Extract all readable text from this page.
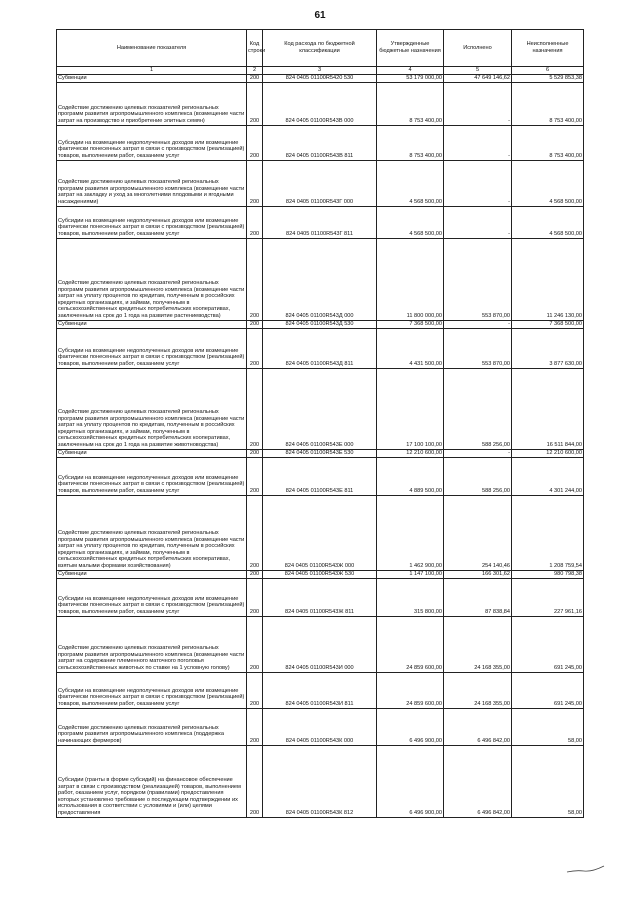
61
Наименование показателя	Код строки	Код расхода по бюджетной классификации	Утвержденные бюджетные назначения	Исполнено	Неисполненные назначения
1	2	3	4	5	6
Субвенции	200	824 0405 01100R5420 530	53 179 000,00	47 649 146,62	5 529 853,38
Содействие достижению целевых показателей региональных программ развития агропромышленного комплекса (возмещение части затрат на производство и приобретение элитных семян)	200	824 0405 01100R543В 000	8 753 400,00	-	8 753 400,00
Субсидии на возмещение недополученных доходов или возмещение фактически понесенных затрат в связи с производством (реализацией) товаров, выполнением работ, оказанием услуг	200	824 0405 01100R543В 811	8 753 400,00	-	8 753 400,00
Содействие достижению целевых показателей региональных программ развития агропромышленного комплекса (возмещение части затрат на закладку и уход за многолетними плодовыми и ягодными насаждениями)	200	824 0405 01100R543Г 000	4 568 500,00	-	4 568 500,00
Субсидии на возмещение недополученных доходов или возмещение фактически понесенных затрат в связи с производством (реализацией) товаров, выполнением работ, оказанием услуг	200	824 0405 01100R543Г 811	4 568 500,00	-	4 568 500,00
Содействие достижению целевых показателей региональных программ развития агропромышленного комплекса (возмещение части затрат на уплату процентов по кредитам, полученным в российских кредитных организациях, и займам, полученным в сельскохозяйственных кредитных потребительских кооперативах, заключенным на срок до 1 года на развитие растениеводства)	200	824 0405 01100R543Д 000	11 800 000,00	553 870,00	11 246 130,00
Субвенции	200	824 0405 01100R543Д 530	7 368 500,00	-	7 368 500,00
Субсидии на возмещение недополученных доходов или возмещение фактически понесенных затрат в связи с производством (реализацией) товаров, выполнением работ, оказанием услуг	200	824 0405 01100R543Д 811	4 431 500,00	553 870,00	3 877 630,00
Содействие достижению целевых показателей региональных программ развития агропромышленного комплекса (возмещение части затрат на уплату процентов по кредитам, полученным в российских кредитных организациях, и займам, полученным в сельскохозяйственных кредитных потребительских кооперативах, заключенным на срок до 1 года на развитие животноводства)	200	824 0405 01100R543Е 000	17 100 100,00	588 256,00	16 511 844,00
Субвенции	200	824 0405 01100R543Е 530	12 210 600,00	-	12 210 600,00
Субсидии на возмещение недополученных доходов или возмещение фактически понесенных затрат в связи с производством (реализацией) товаров, выполнением работ, оказанием услуг	200	824 0405 01100R543Е 811	4 889 500,00	588 256,00	4 301 244,00
Содействие достижению целевых показателей региональных программ развития агропромышленного комплекса (возмещение части затрат на уплату процентов по кредитам, полученным в российских кредитных организациях, и займам, полученным в сельскохозяйственных кредитных потребительских кооперативах, взятым малыми формами хозяйствования)	200	824 0405 01100R543Ж 000	1 462 900,00	254 140,46	1 208 759,54
Субвенции	200	824 0405 01100R543Ж 530	1 147 100,00	166 301,62	980 798,38
Субсидии на возмещение недополученных доходов или возмещение фактически понесенных затрат в связи с производством (реализацией) товаров, выполнением работ, оказанием услуг	200	824 0405 01100R543Ж 811	315 800,00	87 838,84	227 961,16
Содействие достижению целевых показателей региональных программ развития агропромышленного комплекса (возмещение части затрат на содержание племенного маточного поголовья сельскохозяйственных животных по ставке на 1 условную голову)	200	824 0405 01100R543И 000	24 859 600,00	24 168 355,00	691 245,00
Субсидии на возмещение недополученных доходов или возмещение фактически понесенных затрат в связи с производством (реализацией) товаров, выполнением работ, оказанием услуг	200	824 0405 01100R543И 811	24 859 600,00	24 168 355,00	691 245,00
Содействие достижению целевых показателей региональных программ развития агропромышленного комплекса (поддержка начинающих фермеров)	200	824 0405 01100R543К 000	6 496 900,00	6 496 842,00	58,00
Субсидии (гранты в форме субсидий) на финансовое обеспечение затрат в связи с производством (реализацией) товаров, выполнением работ, оказанием услуг, порядком (правилами) предоставления которых установлено требование о последующем подтверждении их использования в соответствии с условиями и (или) целями предоставления	200	824 0405 01100R543К 812	6 496 900,00	6 496 842,00	58,00
